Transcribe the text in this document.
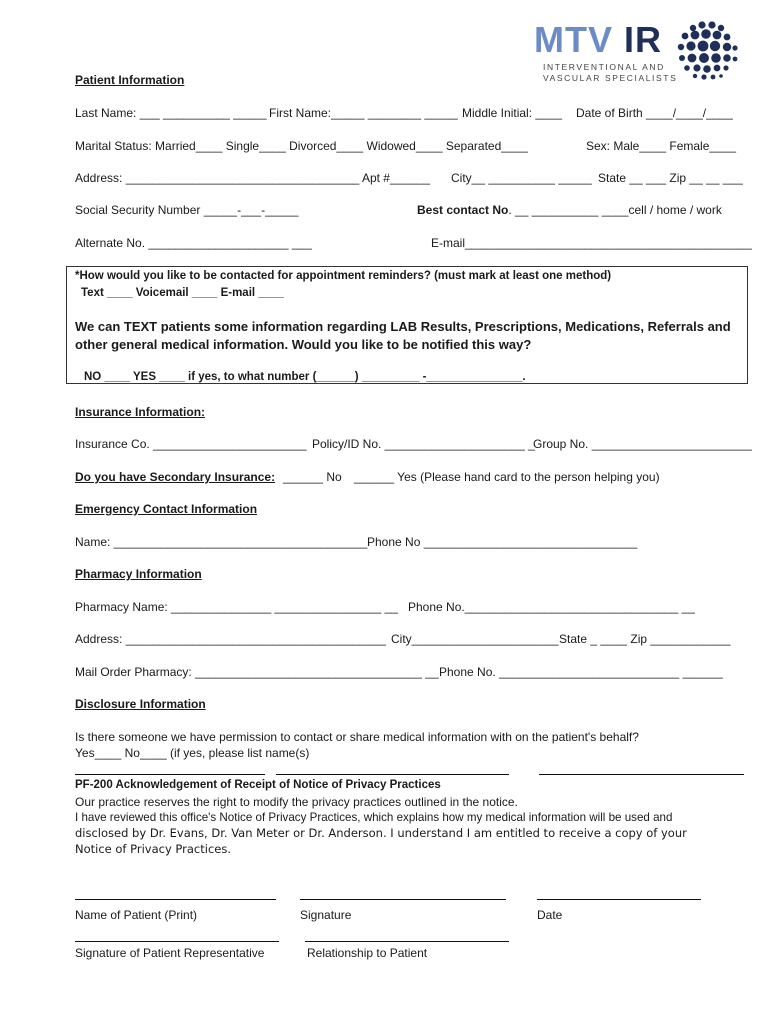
MTV IR
INTERVENTIONAL AND
VASCULAR SPECIALISTS
Patient Information
Last Name: ___ __________ _____ First Name:_____ ________ _____ Middle Initial: ____ Date of Birth ____/____/____
Marital Status: Married____ Single____ Divorced____ Widowed____ Separated____	Sex: Male____ Female____
Address: ___________________________________ Apt #______ City__ __________ _____ State __ ___ Zip __ __ ___
Social Security Number _____-___-_____	Best contact No. __ __________ ____cell / home / work
Alternate No. _____________________ ___	E-mail___________________________________________
*How would you like to be contacted for appointment reminders? (must mark at least one method)
Text ____ Voicemail ____ E-mail ____
We can TEXT patients some information regarding LAB Results, Prescriptions, Medications, Referrals and
other general medical information. Would you like to be notified this way?
NO ____ YES ____ if yes, to what number (______) _________ -_______________.
Insurance Information:
Insurance Co. _______________________ Policy/ID No. _____________________ _
Group No. ________________________
Do you have Secondary Insurance: ______ No ______ Yes (Please hand card to the person helping you)
Emergency Contact Information
Name: ______________________________________ Phone No ________________________________
Pharmacy Information
Pharmacy Name: _______________ ________________ __ Phone No.________________________________ __
Address: _______________________________________ City______________________ State _ ____ Zip ____________
Mail Order Pharmacy: __________________________________ __ Phone No. ___________________________ ______
Disclosure Information
Is there someone we have permission to contact or share medical information with on the patient's behalf?
Yes____ No____ (if yes, please list name(s)
PF-200 Acknowledgement of Receipt of Notice of Privacy Practices
Our practice reserves the right to modify the privacy practices outlined in the notice.
I have reviewed this office's Notice of Privacy Practices, which explains how my medical information will be used and
disclosed by Dr. Evans, Dr. Van Meter or Dr. Anderson. I understand I am entitled to receive a copy of your
Notice of Privacy Practices.
Name of Patient (Print)	Signature	Date
Signature of Patient Representative	Relationship to Patient
